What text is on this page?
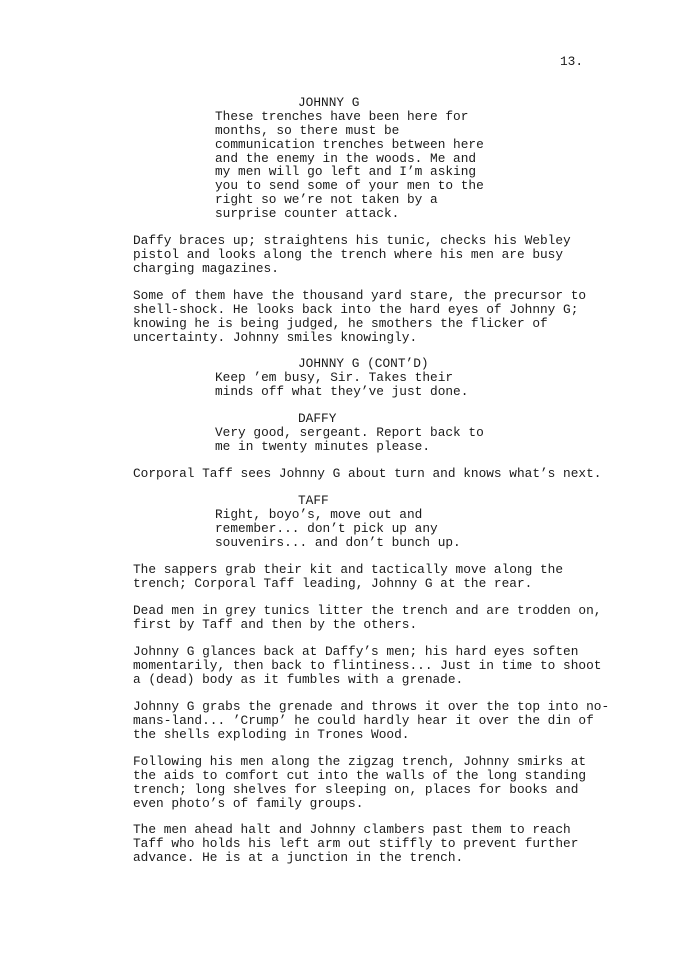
13.
JOHNNY G
These trenches have been here for
months, so there must be
communication trenches between here
and the enemy in the woods. Me and
my men will go left and I’m asking
you to send some of your men to the
right so we’re not taken by a
surprise counter attack.
Daffy braces up; straightens his tunic, checks his Webley
pistol and looks along the trench where his men are busy
charging magazines.
Some of them have the thousand yard stare, the precursor to
shell-shock. He looks back into the hard eyes of Johnny G;
knowing he is being judged, he smothers the flicker of
uncertainty. Johnny smiles knowingly.
JOHNNY G (CONT’D)
Keep ’em busy, Sir. Takes their
minds off what they’ve just done.
DAFFY
Very good, sergeant. Report back to
me in twenty minutes please.
Corporal Taff sees Johnny G about turn and knows what’s next.
TAFF
Right, boyo’s, move out and
remember... don’t pick up any
souvenirs... and don’t bunch up.
The sappers grab their kit and tactically move along the
trench; Corporal Taff leading, Johnny G at the rear.
Dead men in grey tunics litter the trench and are trodden on,
first by Taff and then by the others.
Johnny G glances back at Daffy’s men; his hard eyes soften
momentarily, then back to flintiness... Just in time to shoot
a (dead) body as it fumbles with a grenade.
Johnny G grabs the grenade and throws it over the top into no-
mans-land... ’Crump’ he could hardly hear it over the din of
the shells exploding in Trones Wood.
Following his men along the zigzag trench, Johnny smirks at
the aids to comfort cut into the walls of the long standing
trench; long shelves for sleeping on, places for books and
even photo’s of family groups.
The men ahead halt and Johnny clambers past them to reach
Taff who holds his left arm out stiffly to prevent further
advance. He is at a junction in the trench.
